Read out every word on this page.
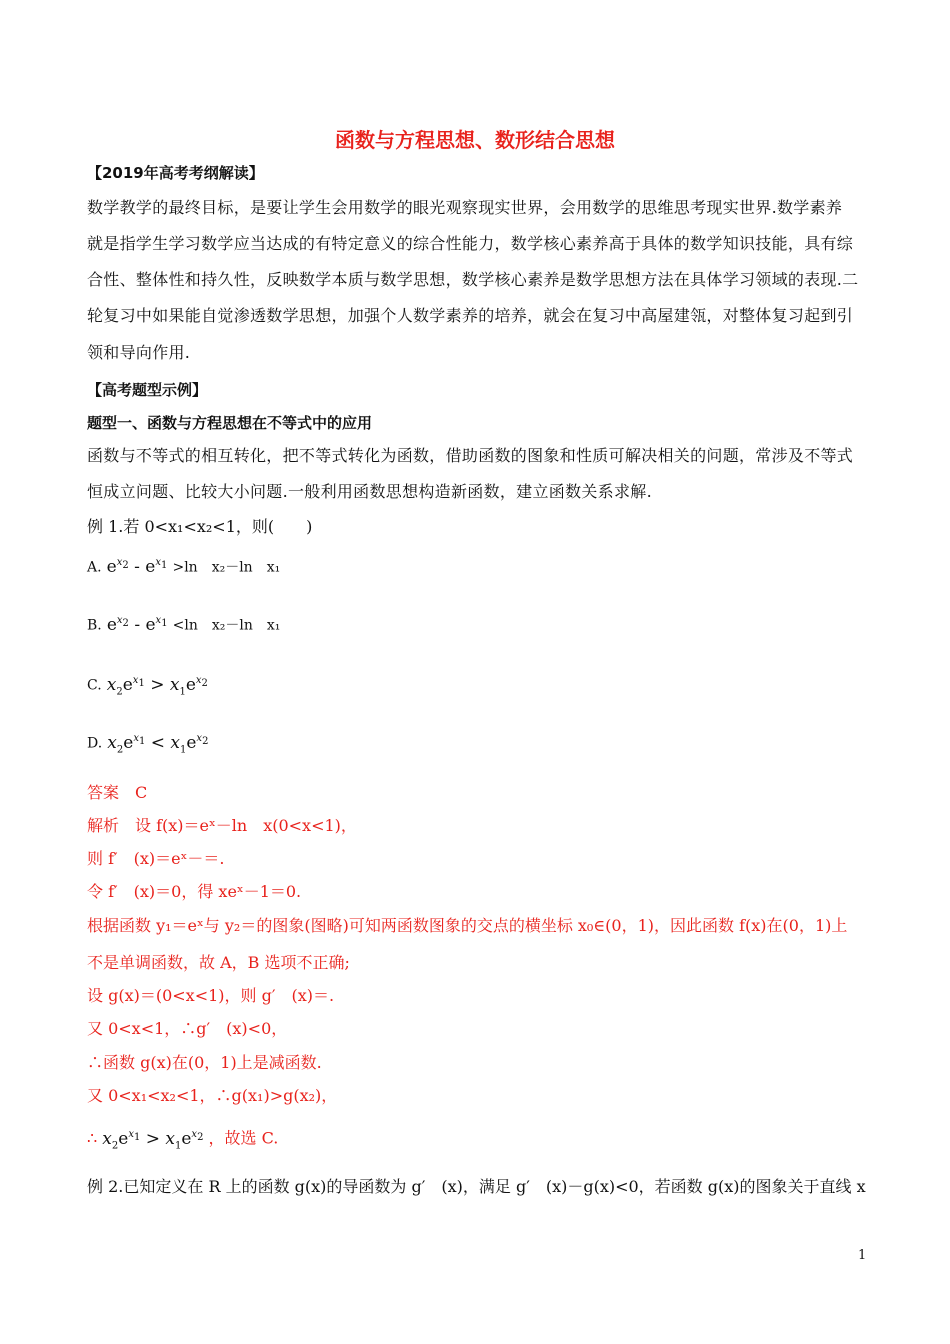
函数与方程思想、数形结合思想
【2019年高考考纲解读】
数学教学的最终目标，是要让学生会用数学的眼光观察现实世界，会用数学的思维思考现实世界.数学素养
就是指学生学习数学应当达成的有特定意义的综合性能力，数学核心素养高于具体的数学知识技能，具有综
合性、整体性和持久性，反映数学本质与数学思想，数学核心素养是数学思想方法在具体学习领域的表现.二
轮复习中如果能自觉渗透数学思想，加强个人数学素养的培养，就会在复习中高屋建瓴，对整体复习起到引
领和导向作用.
【高考题型示例】
题型一、函数与方程思想在不等式中的应用
函数与不等式的相互转化，把不等式转化为函数，借助函数的图象和性质可解决相关的问题，常涉及不等式
恒成立问题、比较大小问题.一般利用函数思想构造新函数，建立函数关系求解.
例 1.若 0<x₁<x₂<1，则(　　)
A. $e^{x_2} - e^{x_1} >\ln$　x₂－ln　x₁
B. $e^{x_2} - e^{x_1} <\ln$　x₂－ln　x₁
C. $x_2e^{x_1} > x_1e^{x_2}$
D. $x_2e^{x_1} < x_1e^{x_2}$
答案　C
解析　设 f(x)＝eˣ－ln　x(0<x<1)，
则 f′　(x)＝eˣ－＝.
令 f′　(x)＝0，得 xeˣ－1＝0.
根据函数 y₁＝eˣ与 y₂＝的图象(图略)可知两函数图象的交点的横坐标 x₀∈(0，1)，因此函数 f(x)在(0，1)上
不是单调函数，故 A，B 选项不正确;
设 g(x)＝(0<x<1)，则 g′　(x)＝.
又 0<x<1，∴g′　(x)<0，
∴函数 g(x)在(0，1)上是减函数.
又 0<x₁<x₂<1，∴g(x₁)>g(x₂)，
∴ $x_2e^{x_1} > x_1e^{x_2}$ ，故选 C.
例 2.已知定义在 R 上的函数 g(x)的导函数为 g′　(x)，满足 g′　(x)－g(x)<0，若函数 g(x)的图象关于直线 x
1
